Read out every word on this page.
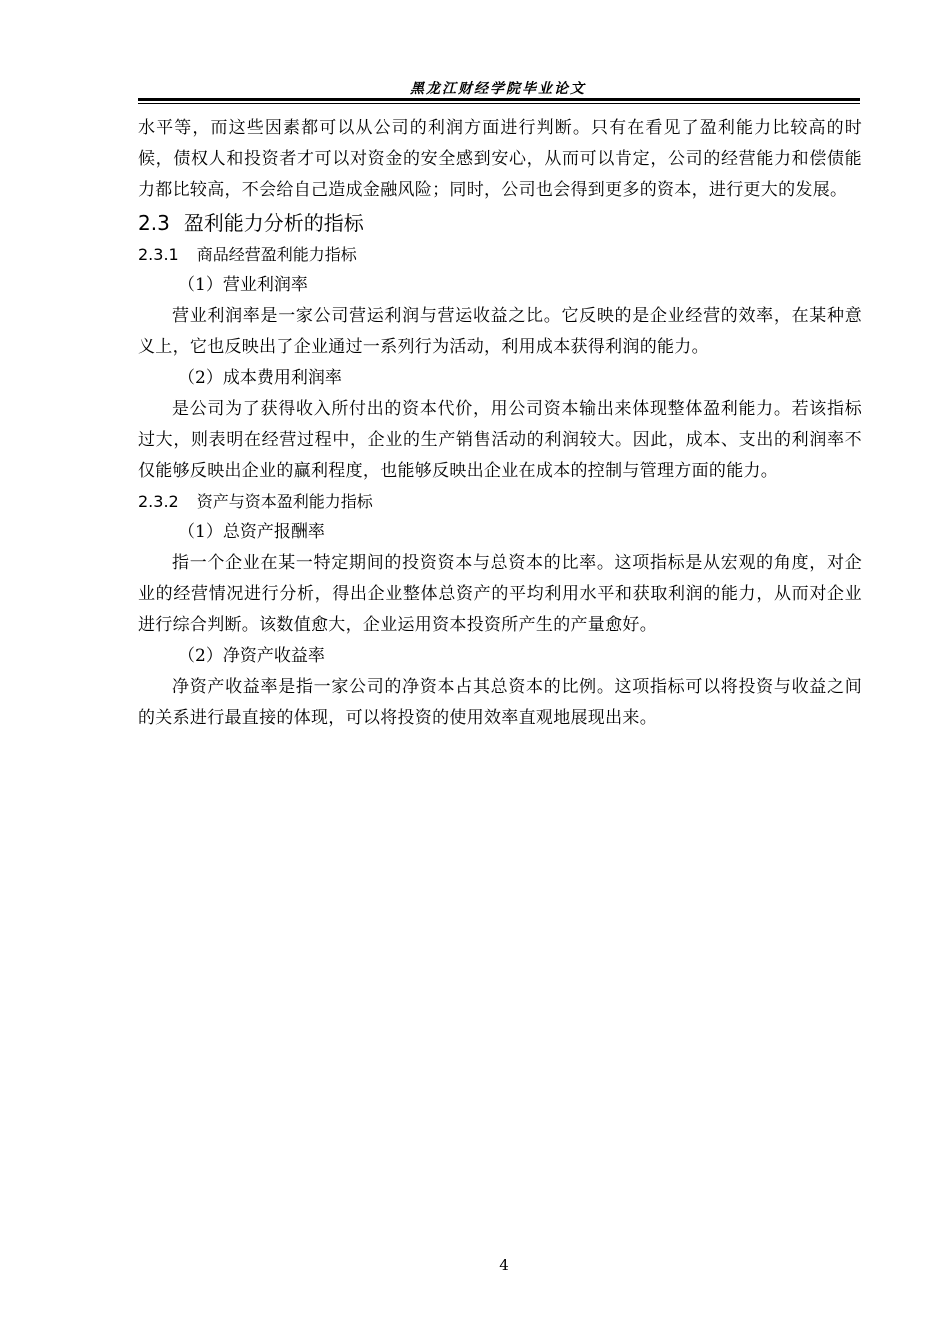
黑龙江财经学院毕业论文

水平等，而这些因素都可以从公司的利润方面进行判断。只有在看见了盈利能力比较高的时候，债权人和投资者才可以对资金的安全感到安心，从而可以肯定，公司的经营能力和偿债能力都比较高，不会给自己造成金融风险；同时，公司也会得到更多的资本，进行更大的发展。

2.3 盈利能力分析的指标
2.3.1 商品经营盈利能力指标

（1）营业利润率

营业利润率是一家公司营运利润与营运收益之比。它反映的是企业经营的效率，在某种意义上，它也反映出了企业通过一系列行为活动，利用成本获得利润的能力。

（2）成本费用利润率

是公司为了获得收入所付出的资本代价，用公司资本输出来体现整体盈利能力。若该指标过大，则表明在经营过程中，企业的生产销售活动的利润较大。因此，成本、支出的利润率不仅能够反映出企业的赢利程度，也能够反映出企业在成本的控制与管理方面的能力。

2.3.2 资产与资本盈利能力指标

（1）总资产报酬率

指一个企业在某一特定期间的投资资本与总资本的比率。这项指标是从宏观的角度，对企业的经营情况进行分析，得出企业整体总资产的平均利用水平和获取利润的能力，从而对企业进行综合判断。该数值愈大，企业运用资本投资所产生的产量愈好。

（2）净资产收益率

净资产收益率是指一家公司的净资本占其总资本的比例。这项指标可以将投资与收益之间的关系进行最直接的体现，可以将投资的使用效率直观地展现出来。

4
